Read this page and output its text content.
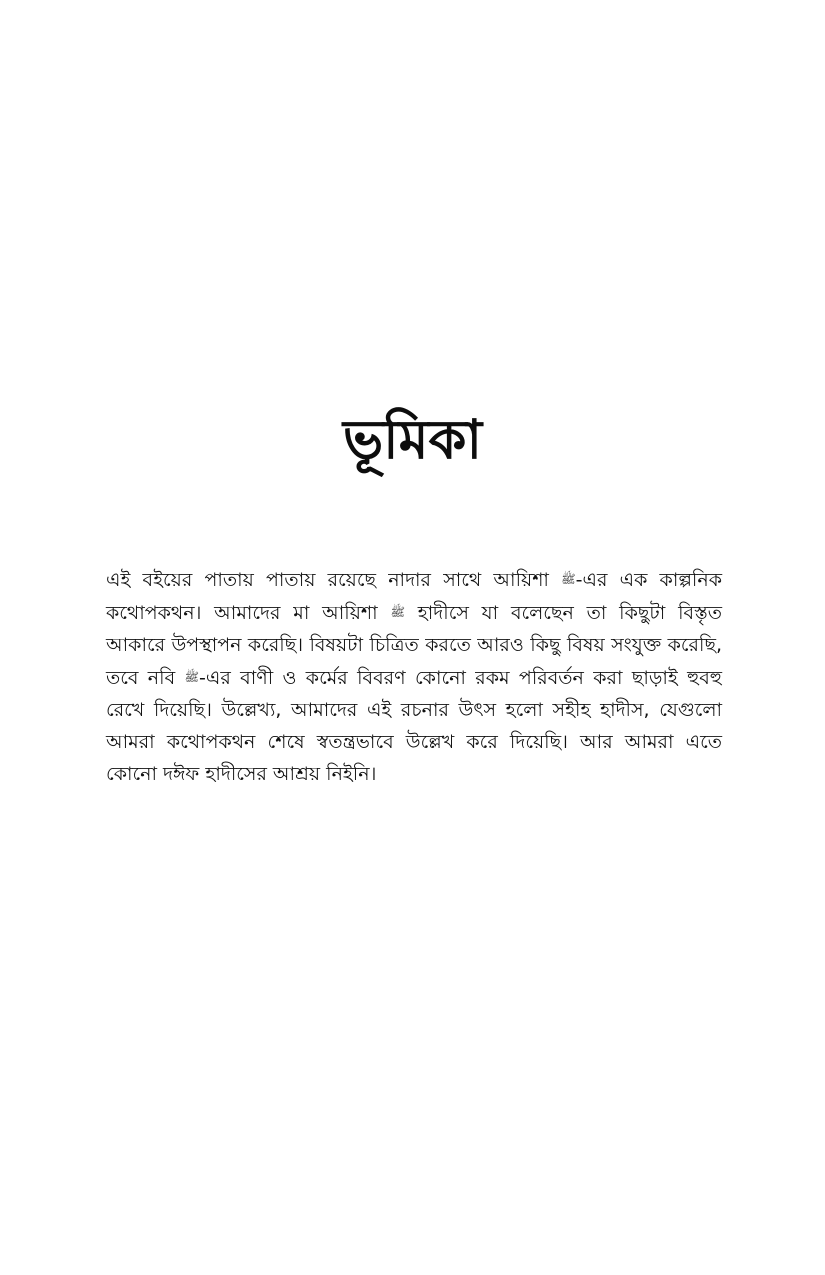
ভূমিকা
এই বইয়ের পাতায় পাতায় রয়েছে নাদার সাথে আয়িশা ﷺ-এর এক কাল্পনিক
কথোপকথন। আমাদের মা আয়িশা ﷺ হাদীসে যা বলেছেন তা কিছুটা বিস্তৃত
আকারে উপস্থাপন করেছি। বিষয়টা চিত্রিত করতে আরও কিছু বিষয় সংযুক্ত করেছি,
তবে নবি ﷺ-এর বাণী ও কর্মের বিবরণ কোনো রকম পরিবর্তন করা ছাড়াই হুবহু
রেখে দিয়েছি। উল্লেখ্য, আমাদের এই রচনার উৎস হলো সহীহ হাদীস, যেগুলো
আমরা কথোপকথন শেষে স্বতন্ত্রভাবে উল্লেখ করে দিয়েছি। আর আমরা এতে
কোনো দঈফ হাদীসের আশ্রয় নিইনি।
